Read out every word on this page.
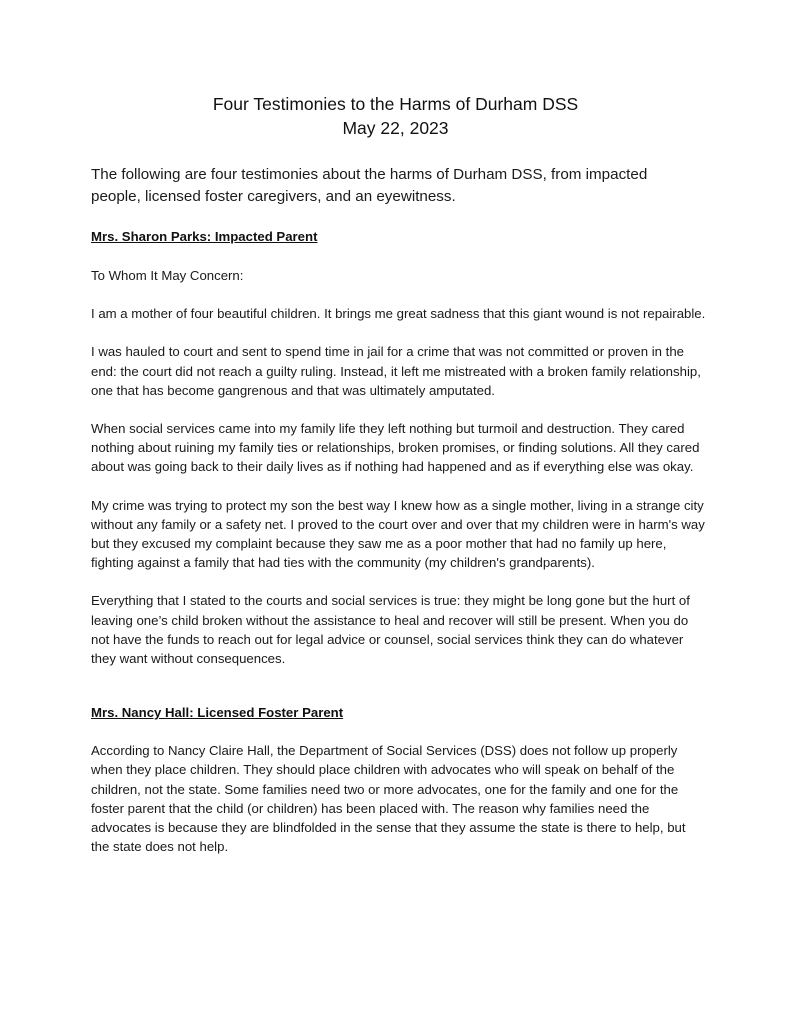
Four Testimonies to the Harms of Durham DSS
May 22, 2023
The following are four testimonies about the harms of Durham DSS, from impacted
people, licensed foster caregivers, and an eyewitness.
Mrs. Sharon Parks: Impacted Parent

To Whom It May Concern:

I am a mother of four beautiful children. It brings me great sadness that this giant wound is not repairable.

I was hauled to court and sent to spend time in jail for a crime that was not committed or proven in the end: the court did not reach a guilty ruling. Instead, it left me mistreated with a broken family relationship, one that has become gangrenous and that was ultimately amputated.

When social services came into my family life they left nothing but turmoil and destruction. They cared nothing about ruining my family ties or relationships, broken promises, or finding solutions. All they cared about was going back to their daily lives as if nothing had happened and as if everything else was okay.

My crime was trying to protect my son the best way I knew how as a single mother, living in a strange city without any family or a safety net. I proved to the court over and over that my children were in harm's way but they excused my complaint because they saw me as a poor mother that had no family up here, fighting against a family that had ties with the community (my children's grandparents).

Everything that I stated to the courts and social services is true: they might be long gone but the hurt of leaving one’s child broken without the assistance to heal and recover will still be present. When you do not have the funds to reach out for legal advice or counsel, social services think they can do whatever they want without consequences.

Mrs. Nancy Hall: Licensed Foster Parent

According to Nancy Claire Hall, the Department of Social Services (DSS) does not follow up properly when they place children. They should place children with advocates who will speak on behalf of the children, not the state. Some families need two or more advocates, one for the family and one for the foster parent that the child (or children) has been placed with. The reason why families need the advocates is because they are blindfolded in the sense that they assume the state is there to help, but the state does not help.
